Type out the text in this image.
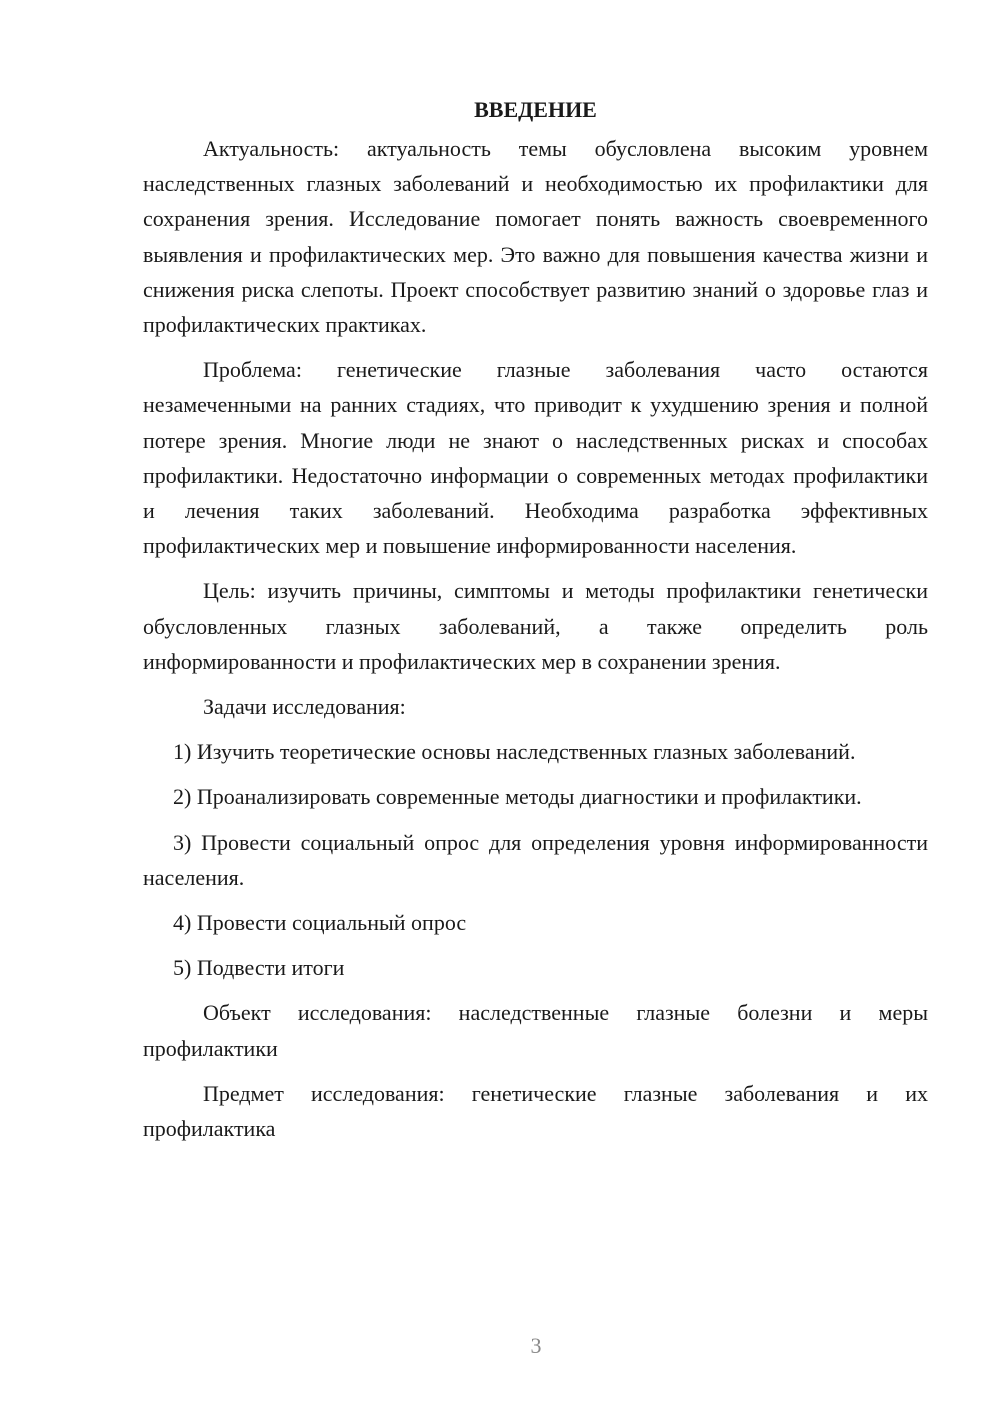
ВВЕДЕНИЕ

Актуальность: актуальность темы обусловлена высоким уровнем наследственных глазных заболеваний и необходимостью их профилактики для сохранения зрения. Исследование помогает понять важность своевременного выявления и профилактических мер. Это важно для повышения качества жизни и снижения риска слепоты. Проект способствует развитию знаний о здоровье глаз и профилактических практиках.

Проблема: генетические глазные заболевания часто остаются незамеченными на ранних стадиях, что приводит к ухудшению зрения и полной потере зрения. Многие люди не знают о наследственных рисках и способах профилактики. Недостаточно информации о современных методах профилактики и лечения таких заболеваний. Необходима разработка эффективных профилактических мер и повышение информированности населения.

Цель: изучить причины, симптомы и методы профилактики генетически обусловленных глазных заболеваний, а также определить роль информированности и профилактических мер в сохранении зрения.

Задачи исследования:

1) Изучить теоретические основы наследственных глазных заболеваний.

2) Проанализировать современные методы диагностики и профилактики.

3) Провести социальный опрос для определения уровня информированности населения.

4) Провести социальный опрос

5) Подвести итоги

Объект исследования: наследственные глазные болезни и меры профилактики

Предмет исследования: генетические глазные заболевания и их профилактика

3
